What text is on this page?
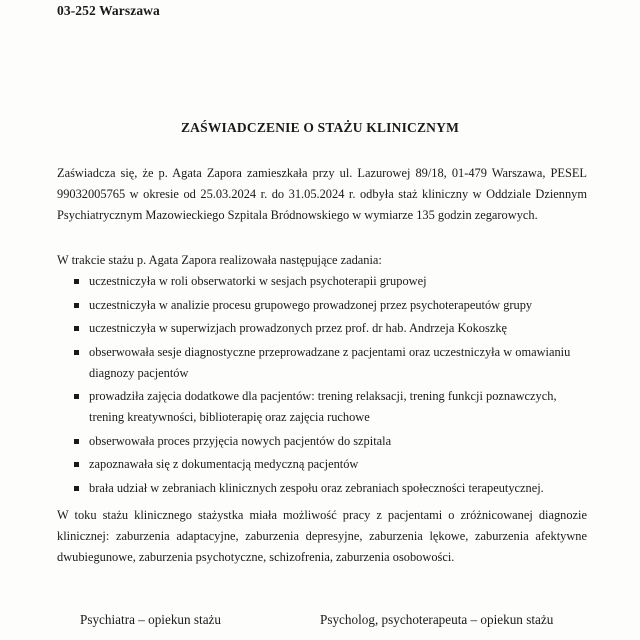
03-252 Warszawa
ZAŚWIADCZENIE O STAŻU KLINICZNYM
Zaświadcza się, że p. Agata Zapora zamieszkała przy ul. Lazurowej 89/18, 01-479 Warszawa, PESEL 99032005765 w okresie od 25.03.2024 r. do 31.05.2024 r. odbyła staż kliniczny w Oddziale Dziennym Psychiatrycznym Mazowieckiego Szpitala Bródnowskiego w wymiarze 135 godzin zegarowych.
W trakcie stażu p. Agata Zapora realizowała następujące zadania:
uczestniczyła w roli obserwatorki w sesjach psychoterapii grupowej
uczestniczyła w analizie procesu grupowego prowadzonej przez psychoterapeutów grupy
uczestniczyła w superwizjach prowadzonych przez prof. dr hab. Andrzeja Kokoszkę
obserwowała sesje diagnostyczne przeprowadzane z pacjentami oraz uczestniczyła w omawianiu diagnozy pacjentów
prowadziła zajęcia dodatkowe dla pacjentów: trening relaksacji, trening funkcji poznawczych, trening kreatywności, biblioterapię oraz zajęcia ruchowe
obserwowała proces przyjęcia nowych pacjentów do szpitala
zapoznawała się z dokumentacją medyczną pacjentów
brała udział w zebraniach klinicznych zespołu oraz zebraniach społeczności terapeutycznej.
W toku stażu klinicznego stażystka miała możliwość pracy z pacjentami o zróżnicowanej diagnozie klinicznej: zaburzenia adaptacyjne, zaburzenia depresyjne, zaburzenia lękowe, zaburzenia afektywne dwubiegunowe, zaburzenia psychotyczne, schizofrenia, zaburzenia osobowości.
Psychiatra – opiekun stażu	Psycholog, psychoterapeuta – opiekun stażu
